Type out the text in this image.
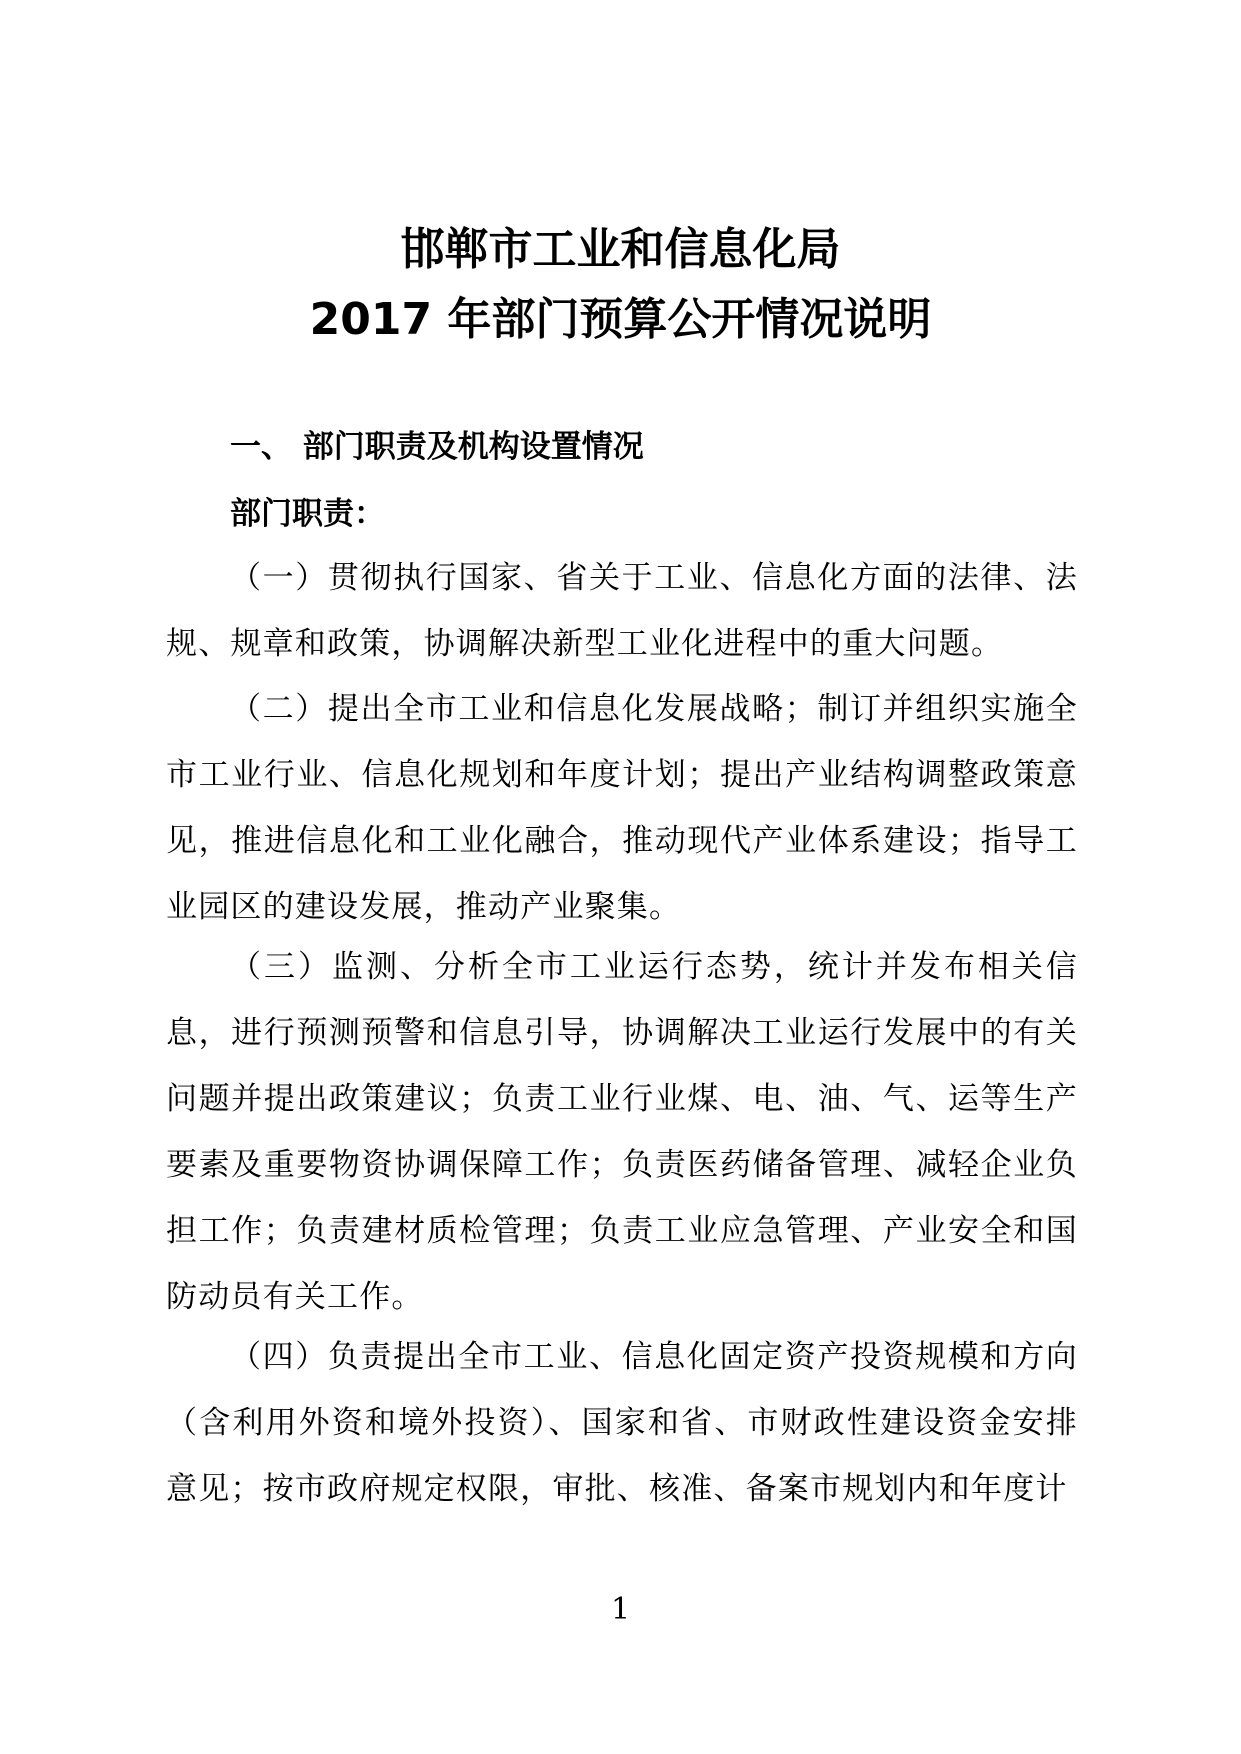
邯郸市工业和信息化局
2017 年部门预算公开情况说明
一、 部门职责及机构设置情况
部门职责：

（一）贯彻执行国家、省关于工业、信息化方面的法律、法规、规章和政策，协调解决新型工业化进程中的重大问题。

（二）提出全市工业和信息化发展战略；制订并组织实施全市工业行业、信息化规划和年度计划；提出产业结构调整政策意见，推进信息化和工业化融合，推动现代产业体系建设；指导工业园区的建设发展，推动产业聚集。

（三）监测、分析全市工业运行态势，统计并发布相关信息，进行预测预警和信息引导，协调解决工业运行发展中的有关问题并提出政策建议；负责工业行业煤、电、油、气、运等生产要素及重要物资协调保障工作；负责医药储备管理、减轻企业负担工作；负责建材质检管理；负责工业应急管理、产业安全和国防动员有关工作。

（四）负责提出全市工业、信息化固定资产投资规模和方向（含利用外资和境外投资）、国家和省、市财政性建设资金安排意见；按市政府规定权限，审批、核准、备案市规划内和年度计

1
